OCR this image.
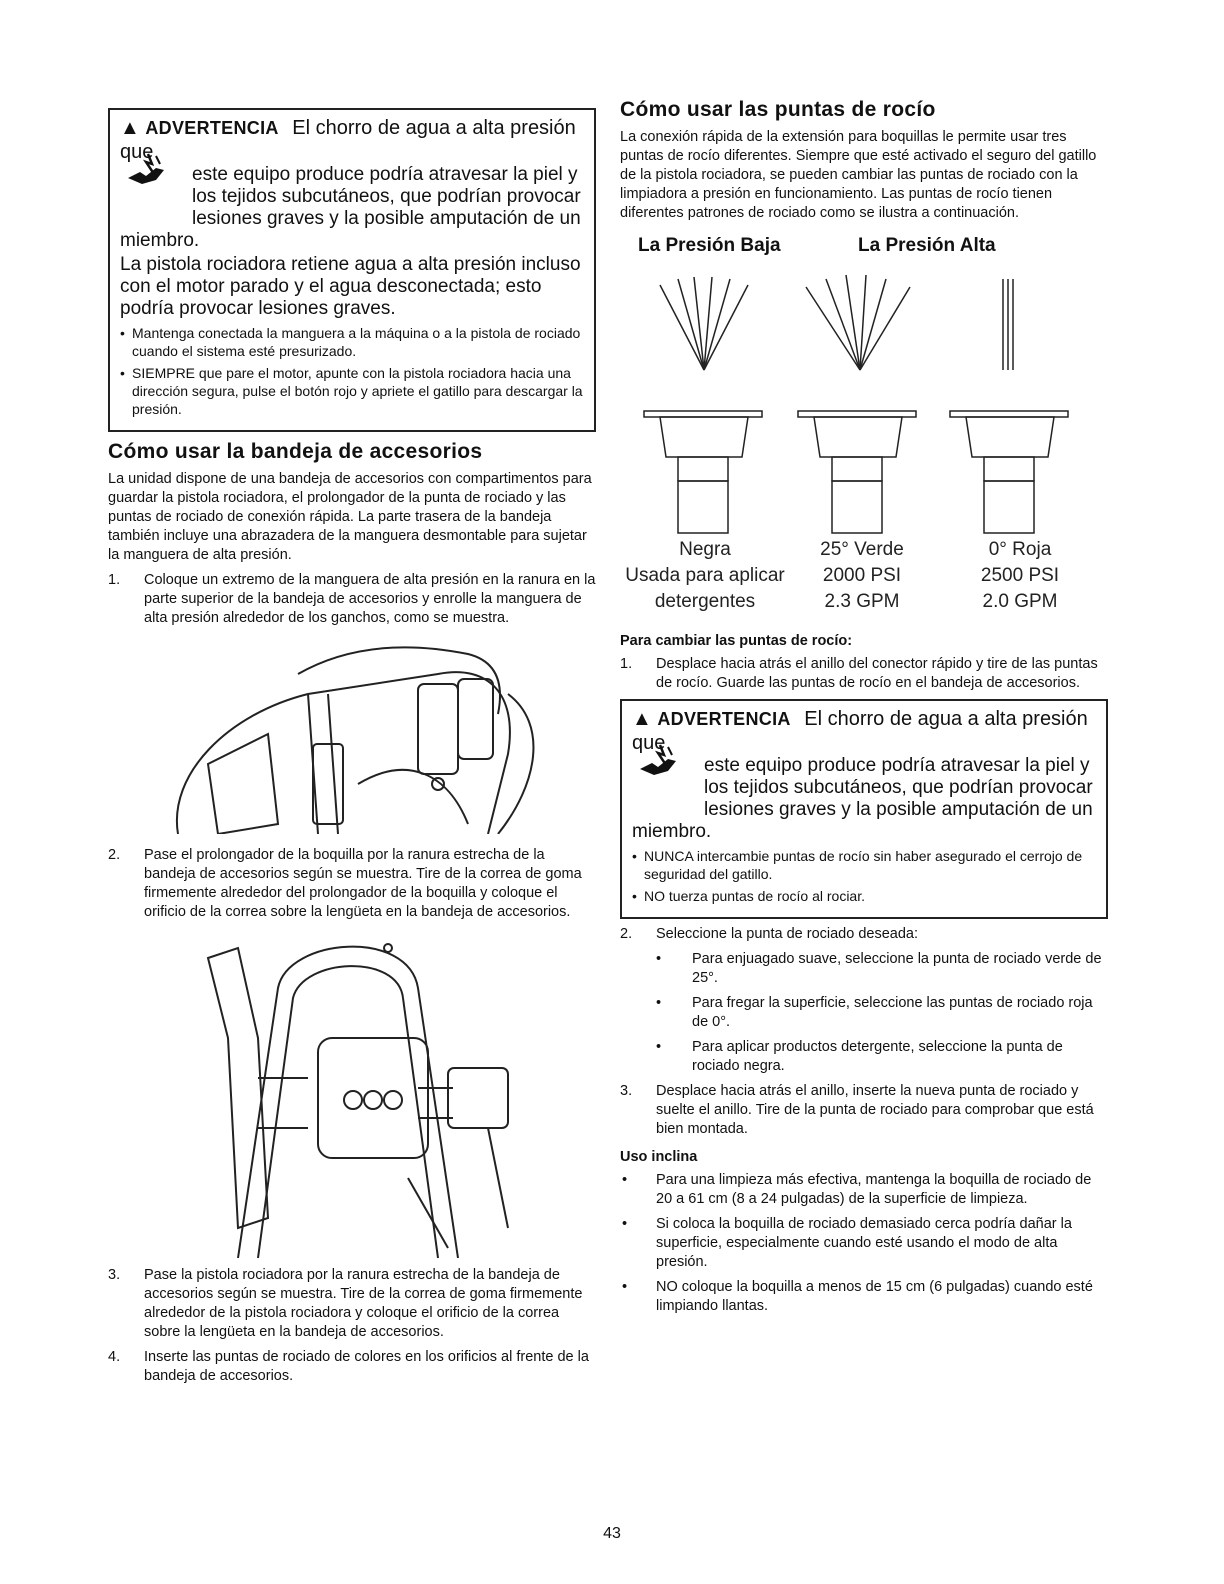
▲ ADVERTENCIA El chorro de agua a alta presión que
este equipo produce podría atravesar la piel y
los tejidos subcutáneos, que podrían provocar
lesiones graves y la posible amputación de un
miembro.
La pistola rociadora retiene agua a alta presión incluso con el motor parado y el agua desconectada; esto podría provocar lesiones graves.
• Mantenga conectada la manguera a la máquina o a la pistola de rociado cuando el sistema esté presurizado.
• SIEMPRE que pare el motor, apunte con la pistola rociadora hacia una dirección segura, pulse el botón rojo y apriete el gatillo para descargar la presión.
Cómo usar la bandeja de accesorios

La unidad dispone de una bandeja de accesorios con compartimentos para guardar la pistola rociadora, el prolongador de la punta de rociado y las puntas de rociado de conexión rápida. La parte trasera de la bandeja también incluye una abrazadera de la manguera desmontable para sujetar la manguera de alta presión.

1. Coloque un extremo de la manguera de alta presión en la ranura en la parte superior de la bandeja de accesorios y enrolle la manguera de alta presión alrededor de los ganchos, como se muestra.
2. Pase el prolongador de la boquilla por la ranura estrecha de la bandeja de accesorios según se muestra. Tire de la correa de goma firmemente alrededor del prolongador de la boquilla y coloque el orificio de la correa sobre la lengüeta en la bandeja de accesorios.
3. Pase la pistola rociadora por la ranura estrecha de la bandeja de accesorios según se muestra. Tire de la correa de goma firmemente alrededor de la pistola rociadora y coloque el orificio de la correa sobre la lengüeta en la bandeja de accesorios.
4. Inserte las puntas de rociado de colores en los orificios al frente de la bandeja de accesorios.
Cómo usar las puntas de rocío

La conexión rápida de la extensión para boquillas le permite usar tres puntas de rocío diferentes. Siempre que esté activado el seguro del gatillo de la pistola rociadora, se pueden cambiar las puntas de rociado con la limpiadora a presión en funcionamiento. Las puntas de rocío tienen diferentes patrones de rociado como se ilustra a continuación.

La Presión Baja	La Presión Alta
Negra
Usada para aplicar
detergentes
25° Verde
2000 PSI
2.3 GPM
0° Roja
2500 PSI
2.0 GPM
Para cambiar las puntas de rocío:
1. Desplace hacia atrás el anillo del conector rápido y tire de las puntas de rocío. Guarde las puntas de rocío en el bandeja de accesorios.
▲ ADVERTENCIA El chorro de agua a alta presión que
este equipo produce podría atravesar la piel y
los tejidos subcutáneos, que podrían provocar
lesiones graves y la posible amputación de un
miembro.
• NUNCA intercambie puntas de rocío sin haber asegurado el cerrojo de seguridad del gatillo.
• NO tuerza puntas de rocío al rociar.
2. Seleccione la punta de rociado deseada:
• Para enjuagado suave, seleccione la punta de rociado verde de 25°.
• Para fregar la superficie, seleccione las puntas de rociado roja de 0°.
• Para aplicar productos detergente, seleccione la punta de rociado negra.
3. Desplace hacia atrás el anillo, inserte la nueva punta de rociado y suelte el anillo. Tire de la punta de rociado para comprobar que está bien montada.
Uso inclina
• Para una limpieza más efectiva, mantenga la boquilla de rociado de 20 a 61 cm (8 a 24 pulgadas) de la superficie de limpieza.
• Si coloca la boquilla de rociado demasiado cerca podría dañar la superficie, especialmente cuando esté usando el modo de alta presión.
• NO coloque la boquilla a menos de 15 cm (6 pulgadas) cuando esté limpiando llantas.
43
